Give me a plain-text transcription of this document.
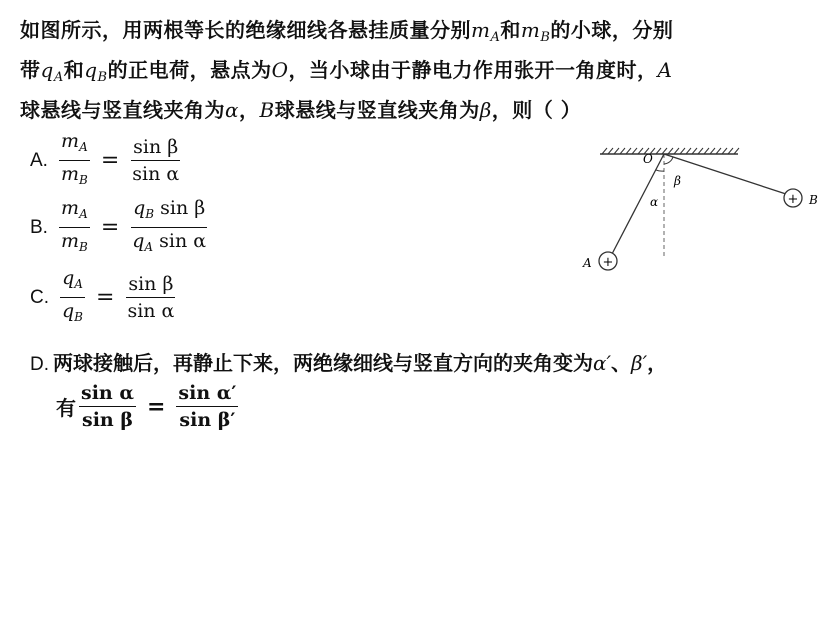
如图所示，用两根等长的绝缘细线各悬挂质量分别$m_A$和$m_B$的小球，分别
带$q_A$和$q_B$的正电荷，悬点为O，当小球由于静电力作用张开一角度时，A
球悬线与竖直线夹角为α，B球悬线与竖直线夹角为β，则（ ）
A. $\frac{m_A}{m_B} = \frac{\text{sin β}}{\text{sin α}}$
B. $\frac{m_A}{m_B} = \frac{q_B \sin \beta}{q_A \sin \alpha}$
C. $\frac{q_A}{q_B} = \frac{\text{sin β}}{\text{sin α}}$
D. 两球接触后，再静止下来，两绝缘细线与竖直方向的夹角变为α′、β′，
有 $\frac{\text{sin α}}{\text{sin β}} = \frac{\text{sin α′}}{\text{sin β′}}$
O
α
β
+
A
+ B
